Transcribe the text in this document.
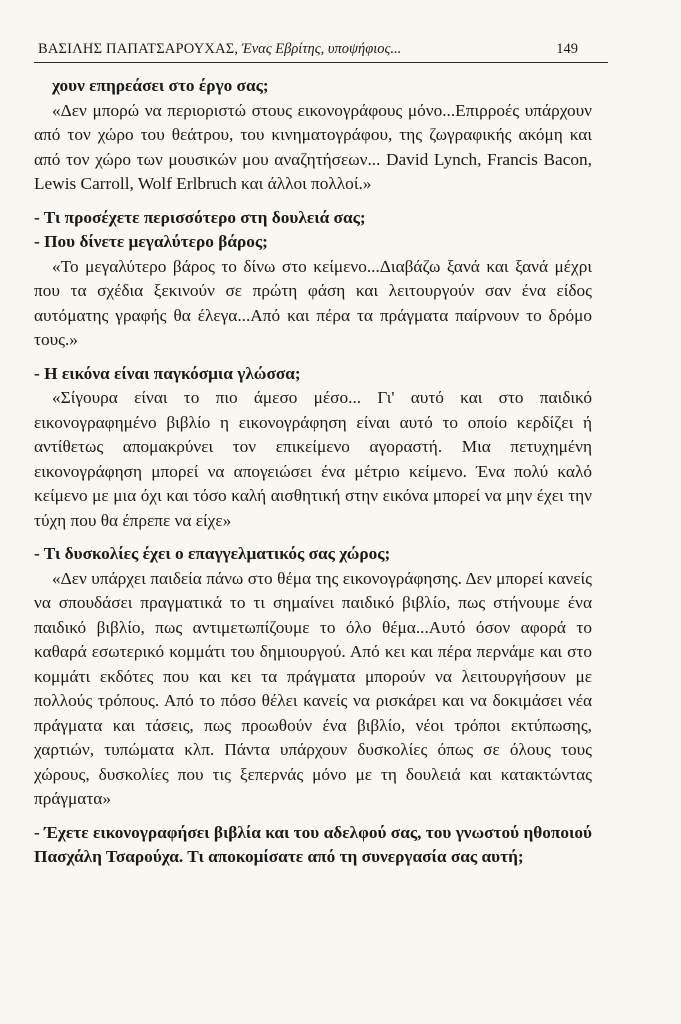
ΒΑΣΙΛΗΣ ΠΑΠΑΤΣΑΡΟΥΧΑΣ, Ένας Εβρίτης, υποψήφιος...	149

χουν επηρεάσει στο έργο σας;

«Δεν μπορώ να περιοριστώ στους εικονογράφους μόνο...Επιρροές υπάρχουν από τον χώρο του θεάτρου, του κινηματογράφου, της ζωγραφικής ακόμη και από τον χώρο των μουσικών μου αναζητήσεων... David Lynch, Francis Bacon, Lewis Carroll, Wolf Erlbruch και άλλοι πολλοί.»

- Τι προσέχετε περισσότερο στη δουλειά σας;

- Που δίνετε μεγαλύτερο βάρος;

«Το μεγαλύτερο βάρος το δίνω στο κείμενο...Διαβάζω ξανά και ξανά μέχρι που τα σχέδια ξεκινούν σε πρώτη φάση και λειτουργούν σαν ένα είδος αυτόματης γραφής θα έλεγα...Από και πέρα τα πράγματα παίρνουν το δρόμο τους.»

- Η εικόνα είναι παγκόσμια γλώσσα;

«Σίγουρα είναι το πιο άμεσο μέσο... Γι' αυτό και στο παιδικό εικονογραφημένο βιβλίο η εικονογράφηση είναι αυτό το οποίο κερδίζει ή αντίθετως απομακρύνει τον επικείμενο αγοραστή. Μια πετυχημένη εικονογράφηση μπορεί να απογειώσει ένα μέτριο κείμενο. Ένα πολύ καλό κείμενο με μια όχι και τόσο καλή αισθητική στην εικόνα μπορεί να μην έχει την τύχη που θα έπρεπε να είχε»

- Τι δυσκολίες έχει ο επαγγελματικός σας χώρος;

«Δεν υπάρχει παιδεία πάνω στο θέμα της εικονογράφησης. Δεν μπορεί κανείς να σπουδάσει πραγματικά το τι σημαίνει παιδικό βιβλίο, πως στήνουμε ένα παιδικό βιβλίο, πως αντιμετωπίζουμε το όλο θέμα...Αυτό όσον αφορά το καθαρά εσωτερικό κομμάτι του δημιουργού. Από κει και πέρα περνάμε και στο κομμάτι εκδότες που και κει τα πράγματα μπορούν να λειτουργήσουν με πολλούς τρόπους. Από το πόσο θέλει κανείς να ρισκάρει και να δοκιμάσει νέα πράγματα και τάσεις, πως προωθούν ένα βιβλίο, νέοι τρόποι εκτύπωσης, χαρτιών, τυπώματα κλπ. Πάντα υπάρχουν δυσκολίες όπως σε όλους τους χώρους, δυσκολίες που τις ξεπερνάς μόνο με τη δουλειά και κατακτώντας πράγματα»

- Έχετε εικονογραφήσει βιβλία και του αδελφού σας, του γνωστού ηθοποιού Πασχάλη Τσαρούχα. Τι αποκομίσατε από τη συνεργασία σας αυτή;
